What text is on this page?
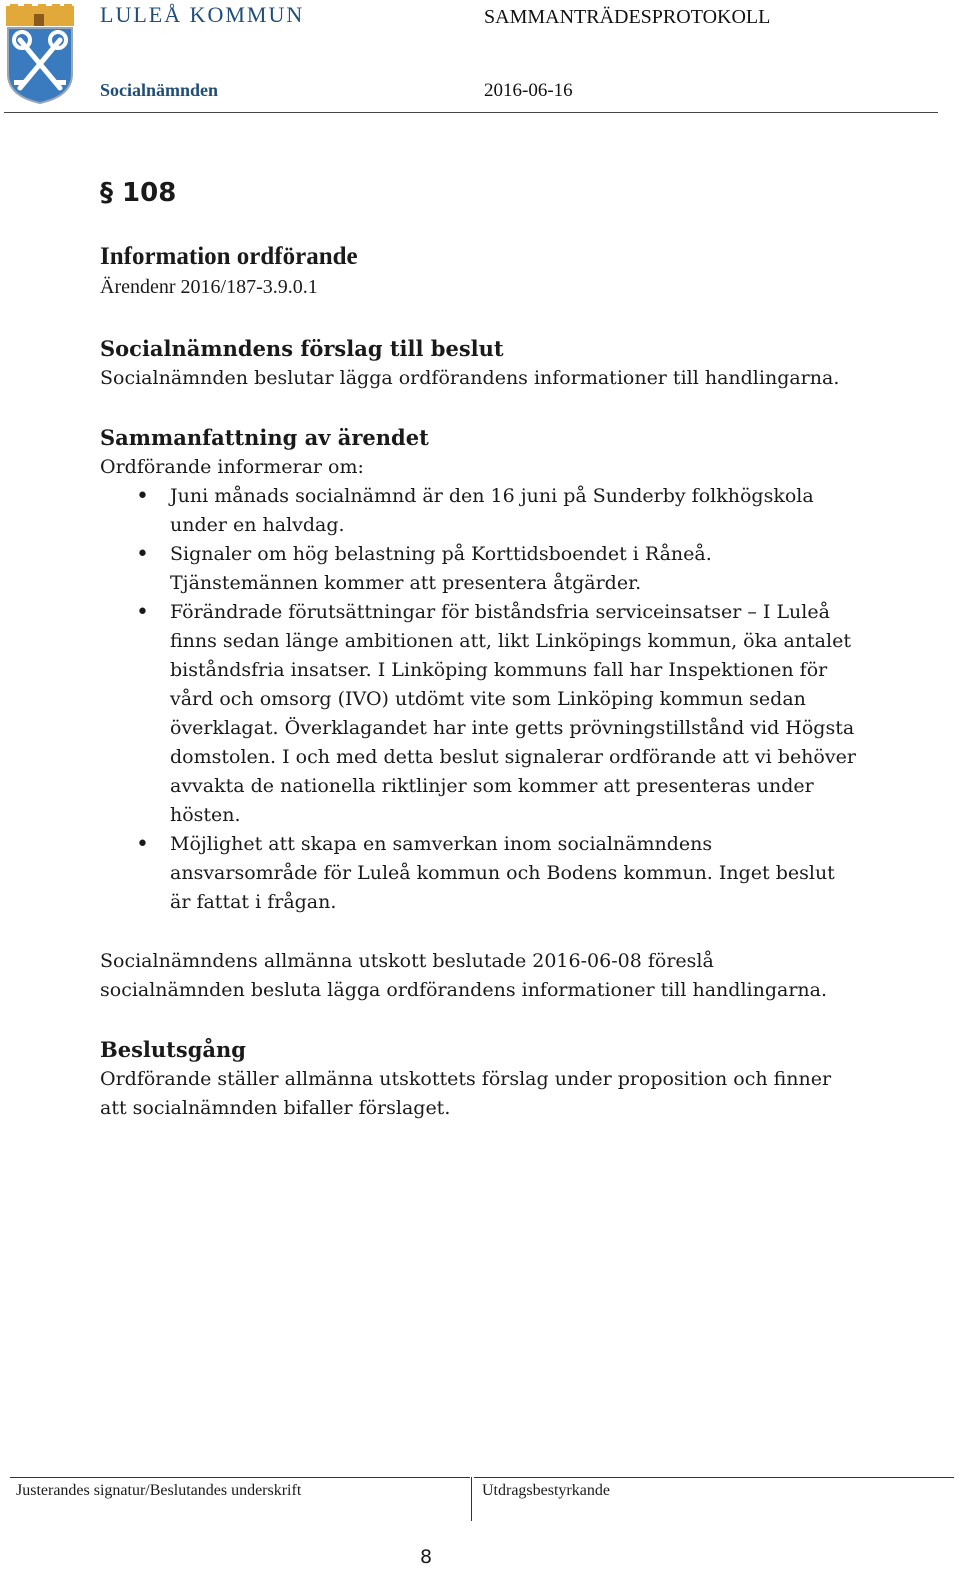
LULEÅ KOMMUN	SAMMANTRÄDESPROTOKOLL
Socialnämnden	2016-06-16

§ 108

Information ordförande

Ärendenr 2016/187-3.9.0.1

Socialnämndens förslag till beslut

Socialnämnden beslutar lägga ordförandens informationer till handlingarna.

Sammanfattning av ärendet

Ordförande informerar om:

• Juni månads socialnämnd är den 16 juni på Sunderby folkhögskola under en halvdag.
• Signaler om hög belastning på Korttidsboendet i Råneå. Tjänstemännen kommer att presentera åtgärder.
• Förändrade förutsättningar för biståndsfria serviceinsatser – I Luleå finns sedan länge ambitionen att, likt Linköpings kommun, öka antalet biståndsfria insatser. I Linköping kommuns fall har Inspektionen för vård och omsorg (IVO) utdömt vite som Linköping kommun sedan överklagat. Överklagandet har inte getts prövningstillstånd vid Högsta domstolen. I och med detta beslut signalerar ordförande att vi behöver avvakta de nationella riktlinjer som kommer att presenteras under hösten.
• Möjlighet att skapa en samverkan inom socialnämndens ansvarsområde för Luleå kommun och Bodens kommun. Inget beslut är fattat i frågan.

Socialnämndens allmänna utskott beslutade 2016-06-08 föreslå socialnämnden besluta lägga ordförandens informationer till handlingarna.

Beslutsgång

Ordförande ställer allmänna utskottets förslag under proposition och finner att socialnämnden bifaller förslaget.

Justerandes signatur/Beslutandes underskrift	Utdragsbestyrkande
8
